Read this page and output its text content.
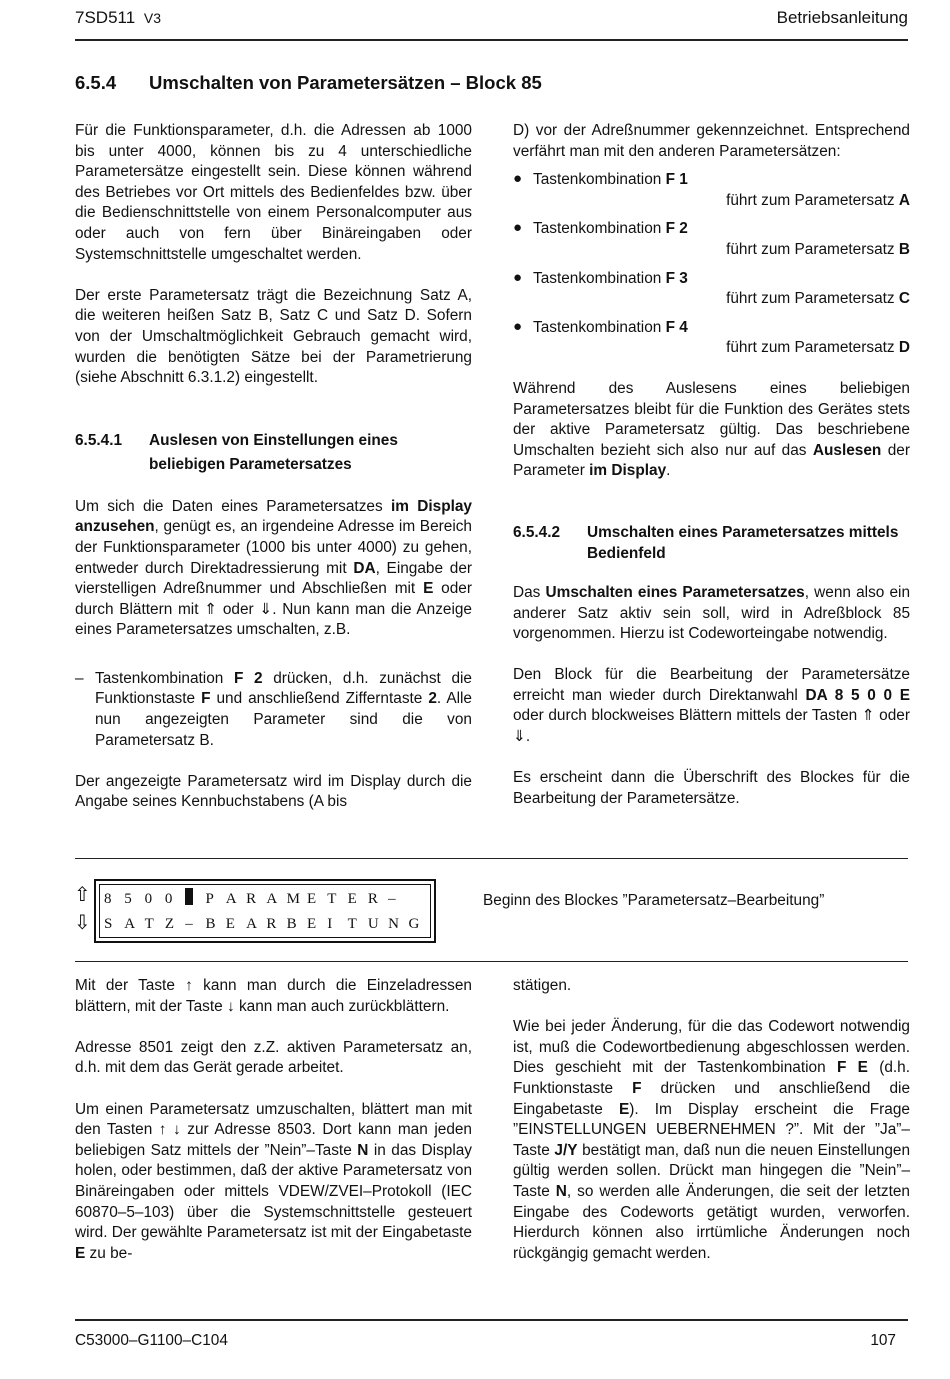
7SD511 V3	Betriebsanleitung
6.5.4 Umschalten von Parametersätzen – Block 85

Für die Funktionsparameter, d.h. die Adressen ab 1000 bis unter 4000, können bis zu 4 unterschiedliche Parametersätze eingestellt sein. Diese können während des Betriebes vor Ort mittels des Bedienfeldes bzw. über die Bedienschnittstelle von einem Personalcomputer aus oder auch von fern über Binäreingaben oder Systemschnittstelle umgeschaltet werden.

Der erste Parametersatz trägt die Bezeichnung Satz A, die weiteren heißen Satz B, Satz C und Satz D. Sofern von der Umschaltmöglichkeit Gebrauch gemacht wird, wurden die benötigten Sätze bei der Parametrierung (siehe Abschnitt 6.3.1.2) eingestellt.

6.5.4.1 Auslesen von Einstellungen eines beliebigen Parametersatzes

Um sich die Daten eines Parametersatzes im Display anzusehen, genügt es, an irgendeine Adresse im Bereich der Funktionsparameter (1000 bis unter 4000) zu gehen, entweder durch Direktadressierung mit DA, Eingabe der vierstelligen Adreßnummer und Abschließen mit E oder durch Blättern mit ⇑ oder ⇓. Nun kann man die Anzeige eines Parametersatzes umschalten, z.B.

– Tastenkombination F 2 drücken, d.h. zunächst die Funktionstaste F und anschließend Zifferntaste 2. Alle nun angezeigten Parameter sind die von Parametersatz B.

Der angezeigte Parametersatz wird im Display durch die Angabe seines Kennbuchstabens (A bis

D) vor der Adreßnummer gekennzeichnet. Entsprechend verfährt man mit den anderen Parametersätzen:

● Tastenkombination F 1
führt zum Parametersatz A
● Tastenkombination F 2
führt zum Parametersatz B
● Tastenkombination F 3
führt zum Parametersatz C
● Tastenkombination F 4
führt zum Parametersatz D

Während des Auslesens eines beliebigen Parametersatzes bleibt für die Funktion des Gerätes stets der aktive Parametersatz gültig. Das beschriebene Umschalten bezieht sich also nur auf das Auslesen der Parameter im Display.

6.5.4.2 Umschalten eines Parametersatzes mittels Bedienfeld

Das Umschalten eines Parametersatzes, wenn also ein anderer Satz aktiv sein soll, wird in Adreßblock 85 vorgenommen. Hierzu ist Codeworteingabe notwendig.

Den Block für die Bearbeitung der Parametersätze erreicht man wieder durch Direktanwahl DA 8 5 0 0 E oder durch blockweises Blättern mittels der Tasten ⇑ oder ⇓.

Es erscheint dann die Überschrift des Blockes für die Bearbeitung der Parametersätze.

⇧
⇩
8 5 0 0 P A R A M E T E R –
S A T Z – B E A R B E I T U N G
Beginn des Blockes ”Parametersatz–Bearbeitung”

Mit der Taste ↑ kann man durch die Einzeladressen blättern, mit der Taste ↓ kann man auch zurückblättern.

Adresse 8501 zeigt den z.Z. aktiven Parametersatz an, d.h. mit dem das Gerät gerade arbeitet.

Um einen Parametersatz umzuschalten, blättert man mit den Tasten ↑ ↓ zur Adresse 8503. Dort kann man jeden beliebigen Satz mittels der ”Nein”–Taste N in das Display holen, oder bestimmen, daß der aktive Parametersatz von Binäreingaben oder mittels VDEW/ZVEI–Protokoll (IEC 60870–5–103) über die Systemschnittstelle gesteuert wird. Der gewählte Parametersatz ist mit der Eingabetaste E zu be-

stätigen.

Wie bei jeder Änderung, für die das Codewort notwendig ist, muß die Codewortbedienung abgeschlossen werden. Dies geschieht mit der Tastenkombination F E (d.h. Funktionstaste F drücken und anschließend die Eingabetaste E). Im Display erscheint die Frage ”EINSTELLUNGEN UEBERNEHMEN ?”. Mit der ”Ja”–Taste J/Y bestätigt man, daß nun die neuen Einstellungen gültig werden sollen. Drückt man hingegen die ”Nein”–Taste N, so werden alle Änderungen, die seit der letzten Eingabe des Codeworts getätigt wurden, verworfen. Hierdurch können also irrtümliche Änderungen noch rückgängig gemacht werden.

C53000–G1100–C104	107
